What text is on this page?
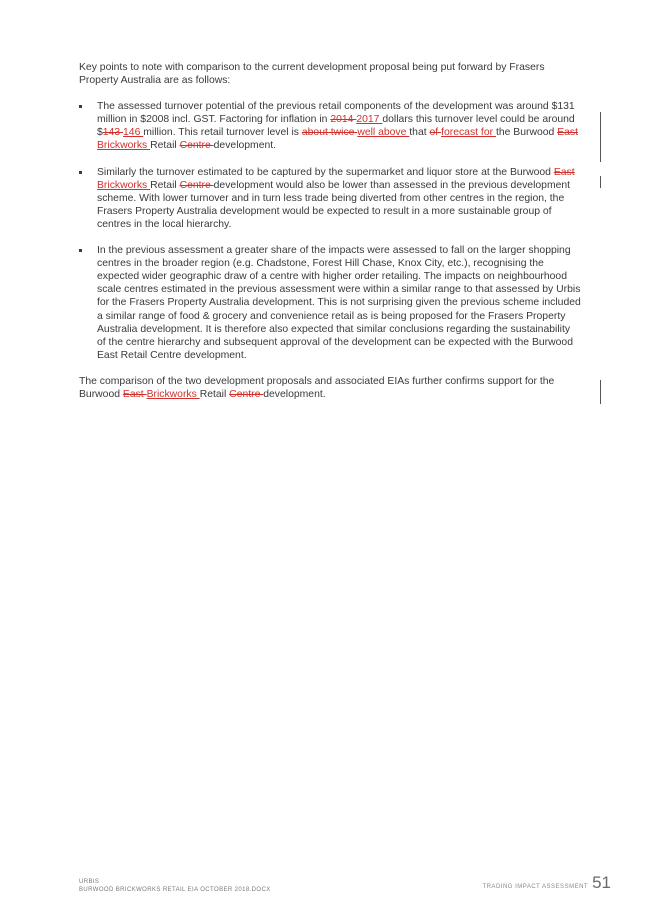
Key points to note with comparison to the current development proposal being put forward by Frasers Property Australia are as follows:

The assessed turnover potential of the previous retail components of the development was around $131 million in $2008 incl. GST. Factoring for inflation in 2014 2017 dollars this turnover level could be around $143 146 million. This retail turnover level is about twice well above that of forecast for the Burwood East Brickworks Retail Centre development.
Similarly the turnover estimated to be captured by the supermarket and liquor store at the Burwood East Brickworks Retail Centre development would also be lower than assessed in the previous development scheme. With lower turnover and in turn less trade being diverted from other centres in the region, the Frasers Property Australia development would be expected to result in a more sustainable group of centres in the local hierarchy.
In the previous assessment a greater share of the impacts were assessed to fall on the larger shopping centres in the broader region (e.g. Chadstone, Forest Hill Chase, Knox City, etc.), recognising the expected wider geographic draw of a centre with higher order retailing. The impacts on neighbourhood scale centres estimated in the previous assessment were within a similar range to that assessed by Urbis for the Frasers Property Australia development. This is not surprising given the previous scheme included a similar range of food & grocery and convenience retail as is being proposed for the Frasers Property Australia development. It is therefore also expected that similar conclusions regarding the sustainability of the centre hierarchy and subsequent approval of the development can be expected with the Burwood East Retail Centre development.

The comparison of the two development proposals and associated EIAs further confirms support for the Burwood East Brickworks Retail Centre development.

URBIS
BURWOOD BRICKWORKS RETAIL EIA OCTOBER 2018.DOCX	TRADING IMPACT ASSESSMENT 51
